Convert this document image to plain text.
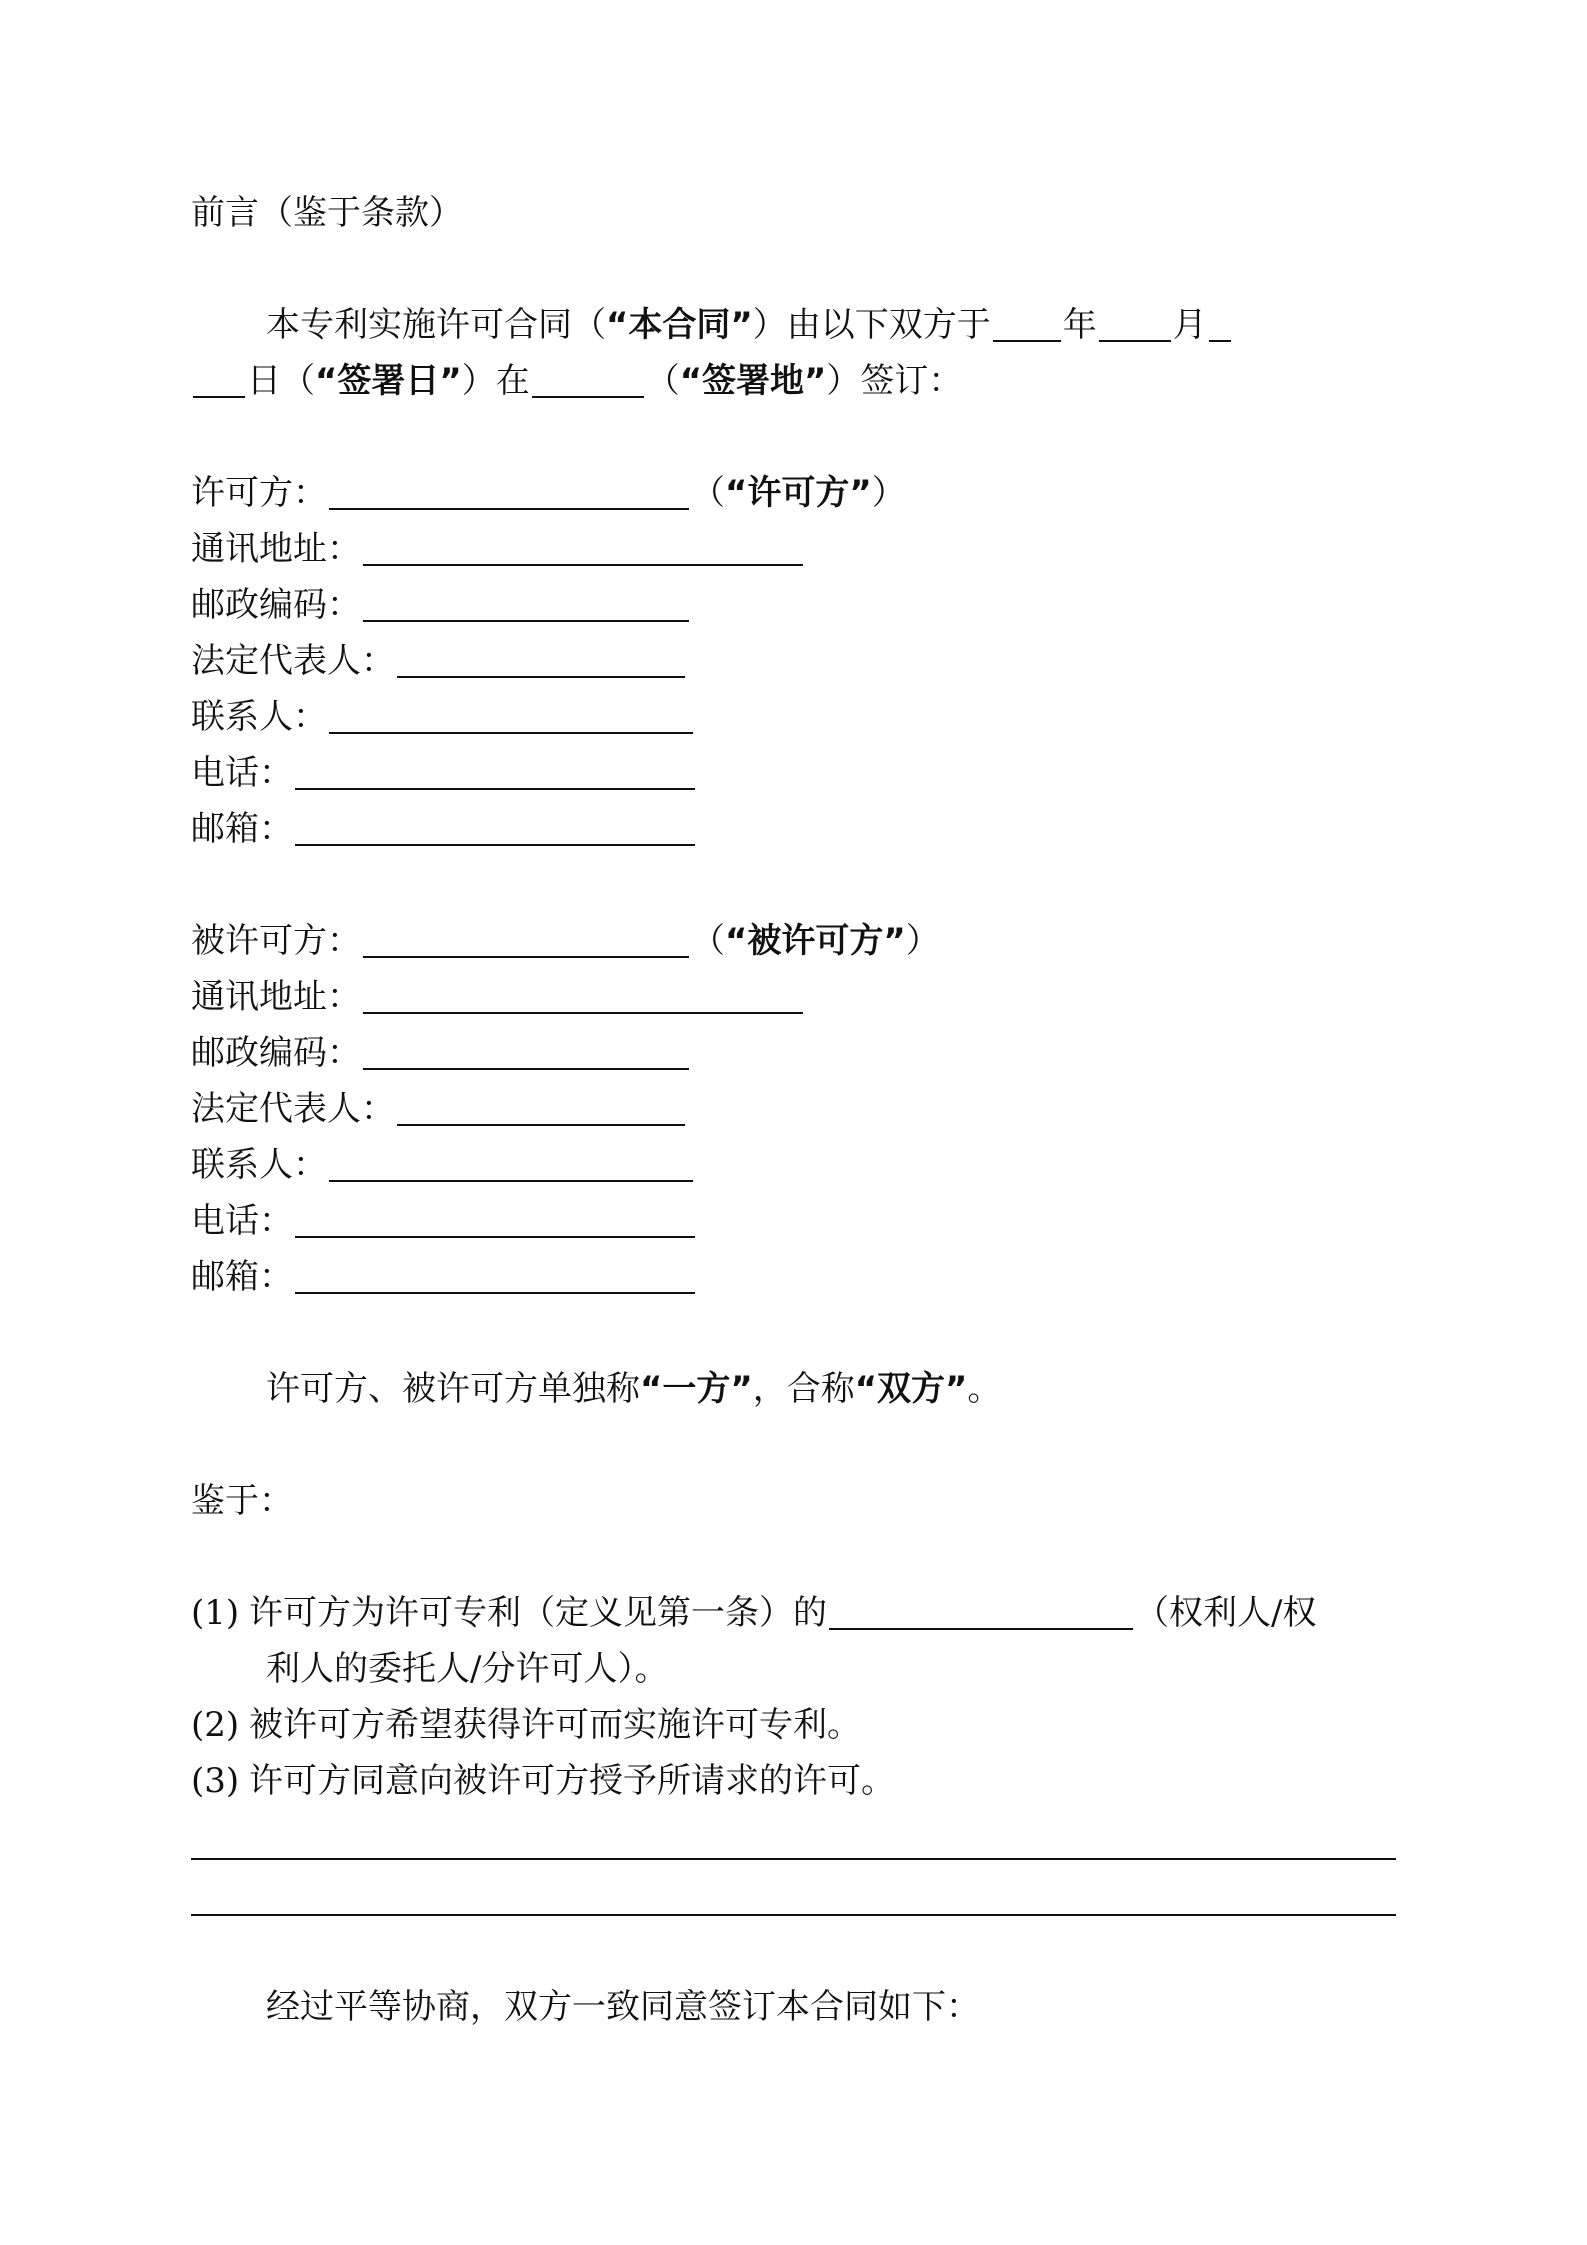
前言（鉴于条款）
本专利实施许可合同（ “本合同” ）由以下双方于 年 月
日（ “签署日” ）在	（ “签署地” ）签订：
许可方：	（ “许可方” ）
通讯地址：
邮政编码：
法定代表人：
联系人：
电话：
邮箱：
被许可方：	（ “被许可方” ）
通讯地址：
邮政编码：
法定代表人：
联系人：
电话：
邮箱：
许可方、被许可方单独称 “一方” ，合称 “双方” 。
鉴于：
(1) 许可方为许可专利（定义见第一条）的	（权利人/权
利人的委托人/分许可人）。
(2) 被许可方希望获得许可而实施许可专利。
(3) 许可方同意向被许可方授予所请求的许可。
经过平等协商，双方一致同意签订本合同如下：
